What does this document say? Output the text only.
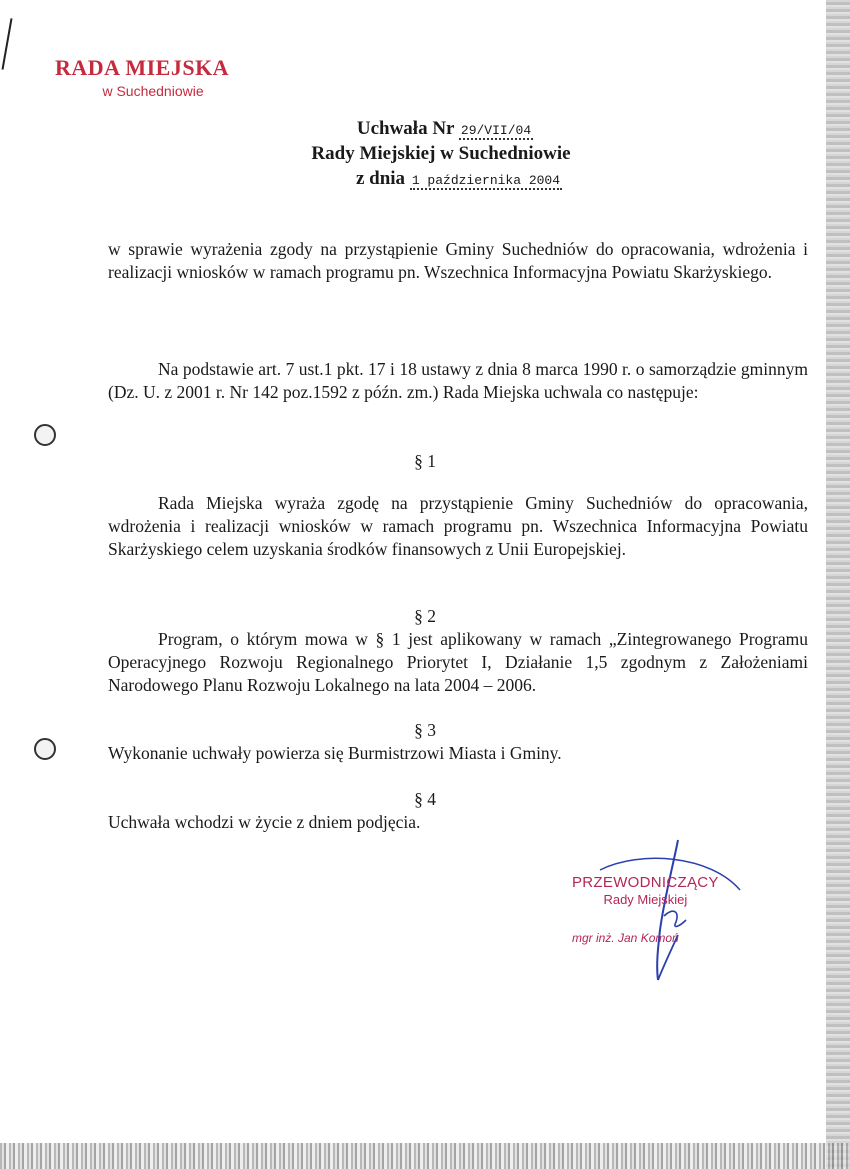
RADA MIEJSKA
w Suchedniowie
Uchwała Nr 29/VII/04
Rady Miejskiej w Suchedniowie
z dnia 1 października 2004
w sprawie wyrażenia zgody na przystąpienie Gminy Suchedniów do opracowania, wdrożenia i realizacji wniosków w ramach programu pn. Wszechnica Informacyjna Powiatu Skarżyskiego.
Na podstawie art. 7 ust.1 pkt. 17 i 18 ustawy z dnia 8 marca 1990 r. o samorządzie gminnym (Dz. U. z 2001 r. Nr 142 poz.1592 z późn. zm.) Rada Miejska uchwala co następuje:
§ 1
Rada Miejska wyraża zgodę na przystąpienie Gminy Suchedniów do opracowania, wdrożenia i realizacji wniosków w ramach programu pn. Wszechnica Informacyjna Powiatu Skarżyskiego celem uzyskania środków finansowych z Unii Europejskiej.
§ 2
Program, o którym mowa w § 1 jest aplikowany w ramach „Zintegrowanego Programu Operacyjnego Rozwoju Regionalnego Priorytet I, Działanie 1,5 zgodnym z Założeniami Narodowego Planu Rozwoju Lokalnego na lata 2004 – 2006.
§ 3
Wykonanie uchwały powierza się Burmistrzowi Miasta i Gminy.
§ 4
Uchwała wchodzi w życie z dniem podjęcia.
PRZEWODNICZĄCY
Rady Miejskiej
mgr inż. Jan Komoń
